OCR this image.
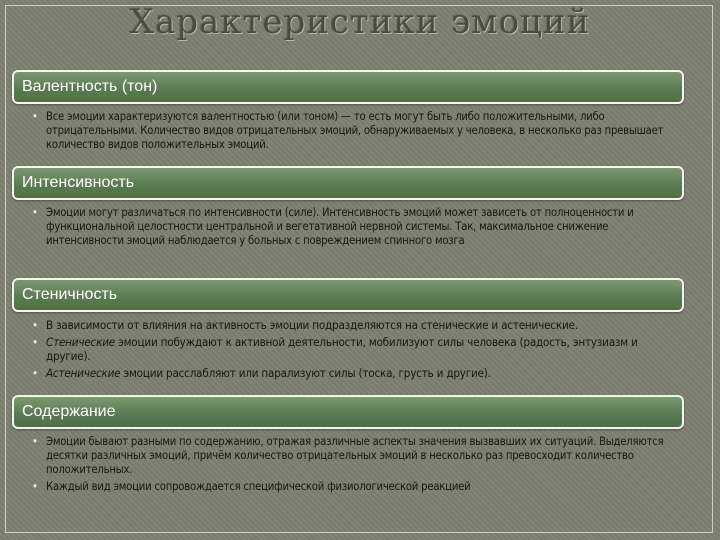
Характеристики эмоций
Валентность (тон)

• Все эмоции характеризуются валентностью (или тоном) — то есть могут быть либо положительными, либо отрицательными. Количество видов отрицательных эмоций, обнаруживаемых у человека, в несколько раз превышает количество видов положительных эмоций.

Интенсивность

• Эмоции могут различаться по интенсивности (силе). Интенсивность эмоций может зависеть от полноценности и функциональной целостности центральной и вегетативной нервной системы. Так, максимальное снижение интенсивности эмоций наблюдается у больных с повреждением спинного мозга

Стеничность

• В зависимости от влияния на активность эмоции подразделяются на стенические и астенические.

• Стенические эмоции побуждают к активной деятельности, мобилизуют силы человека (радость, энтузиазм и другие).

• Астенические эмоции расслабляют или парализуют силы (тоска, грусть и другие).

Содержание

• Эмоции бывают разными по содержанию, отражая различные аспекты значения вызвавших их ситуаций. Выделяются десятки различных эмоций, причём количество отрицательных эмоций в несколько раз превосходит количество положительных.

• Каждый вид эмоции сопровождается специфической физиологической реакцией
